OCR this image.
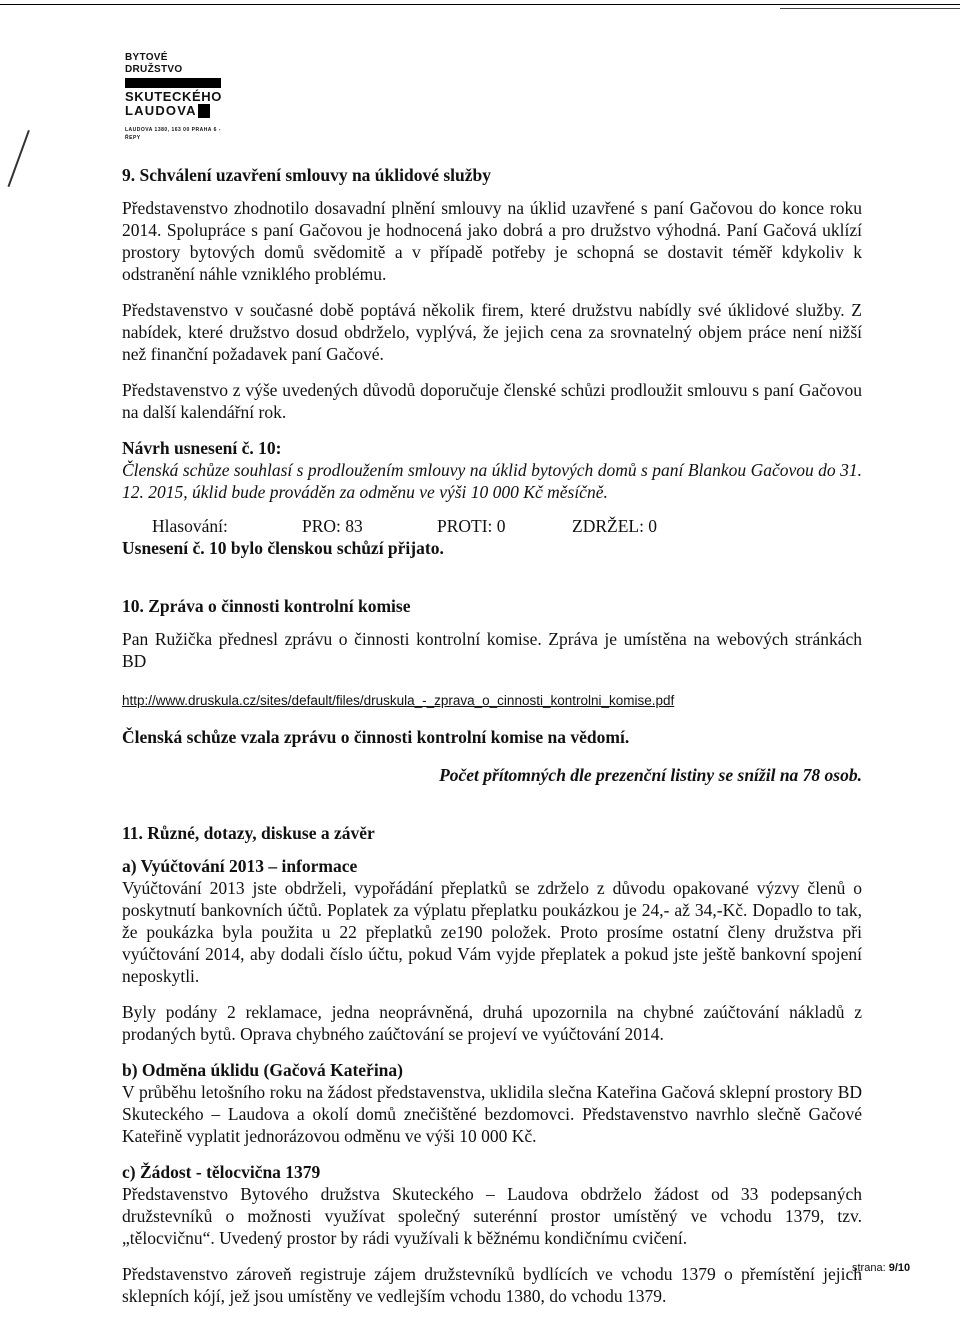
BYTOVÉ DRUŽSTVO
SKUTECKÉHO
LAUDOVA
LAUDOVA 1380, 163 00 PRAHA 6 - ŘEPY
9. Schválení uzavření smlouvy na úklidové služby

Představenstvo zhodnotilo dosavadní plnění smlouvy na úklid uzavřené s paní Gačovou do konce roku 2014. Spolupráce s paní Gačovou je hodnocená jako dobrá a pro družstvo výhodná. Paní Gačová uklízí prostory bytových domů svědomitě a v případě potřeby je schopná se dostavit téměř kdykoliv k odstranění náhle vzniklého problému.

Představenstvo v současné době poptává několik firem, které družstvu nabídly své úklidové služby. Z nabídek, které družstvo dosud obdrželo, vyplývá, že jejich cena za srovnatelný objem práce není nižší než finanční požadavek paní Gačové.

Představenstvo z výše uvedených důvodů doporučuje členské schůzi prodloužit smlouvu s paní Gačovou na další kalendářní rok.

Návrh usnesení č. 10:

Členská schůze souhlasí s prodloužením smlouvy na úklid bytových domů s paní Blankou Gačovou do 31. 12. 2015, úklid bude prováděn za odměnu ve výši 10 000 Kč měsíčně.

Hlasování:	PRO: 83	PROTI: 0	ZDRŽEL: 0

Usnesení č. 10 bylo členskou schůzí přijato.

10. Zpráva o činnosti kontrolní komise

Pan Ružička přednesl zprávu o činnosti kontrolní komise. Zpráva je umístěna na webových stránkách BD

http://www.druskula.cz/sites/default/files/druskula_-_zprava_o_cinnosti_kontrolni_komise.pdf

Členská schůze vzala zprávu o činnosti kontrolní komise na vědomí.

Počet přítomných dle prezenční listiny se snížil na 78 osob.

11. Různé, dotazy, diskuse a závěr

a) Vyúčtování 2013 – informace

Vyúčtování 2013 jste obdrželi, vypořádání přeplatků se zdrželo z důvodu opakované výzvy členů o poskytnutí bankovních účtů. Poplatek za výplatu přeplatku poukázkou je 24,- až 34,-Kč. Dopadlo to tak, že poukázka byla použita u 22 přeplatků ze190 položek. Proto prosíme ostatní členy družstva při vyúčtování 2014, aby dodali číslo účtu, pokud Vám vyjde přeplatek a pokud jste ještě bankovní spojení neposkytli.

Byly podány 2 reklamace, jedna neoprávněná, druhá upozornila na chybné zaúčtování nákladů z prodaných bytů. Oprava chybného zaúčtování se projeví ve vyúčtování 2014.

b) Odměna úklidu (Gačová Kateřina)

V průběhu letošního roku na žádost představenstva, uklidila slečna Kateřina Gačová sklepní prostory BD Skuteckého – Laudova a okolí domů znečištěné bezdomovci. Představenstvo navrhlo slečně Gačové Kateřině vyplatit jednorázovou odměnu ve výši 10 000 Kč.

c) Žádost - tělocvična 1379

Představenstvo Bytového družstva Skuteckého – Laudova obdrželo žádost od 33 podepsaných družstevníků o možnosti využívat společný suterénní prostor umístěný ve vchodu 1379, tzv. „tělocvičnu“. Uvedený prostor by rádi využívali k běžnému kondičnímu cvičení.

Představenstvo zároveň registruje zájem družstevníků bydlících ve vchodu 1379 o přemístění jejich sklepních kójí, jež jsou umístěny ve vedlejším vchodu 1380, do vchodu 1379.

strana: 9/10
